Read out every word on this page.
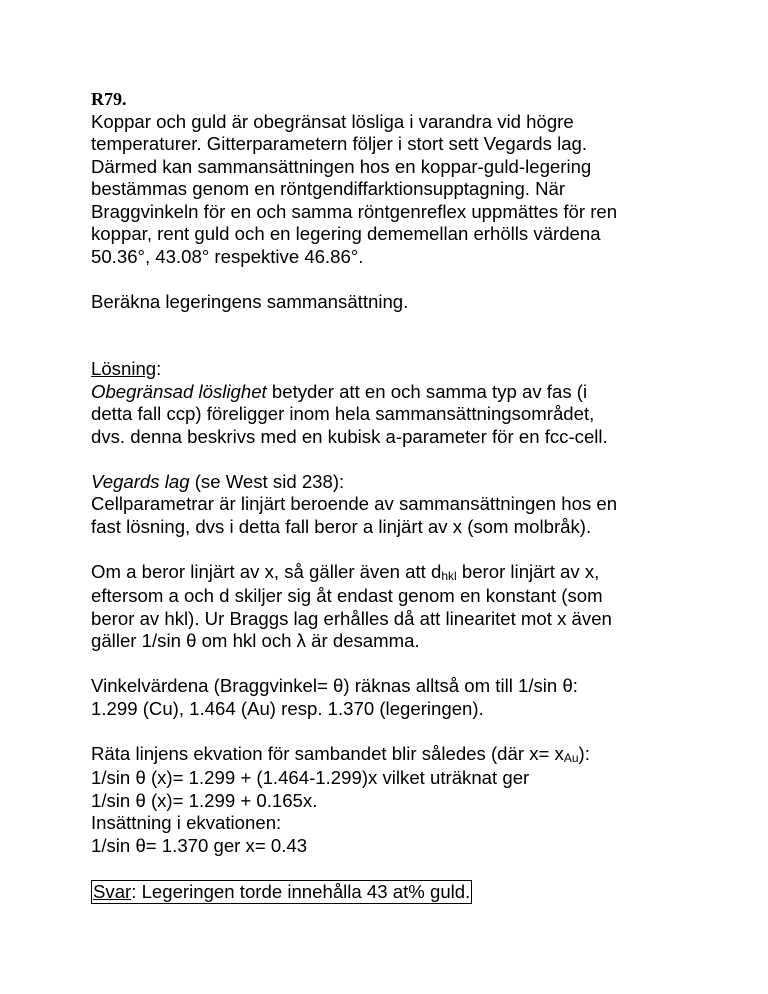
R79.
Koppar och guld är obegränsat lösliga i varandra vid högre
temperaturer. Gitterparametern följer i stort sett Vegards lag.
Därmed kan sammansättningen hos en koppar-guld-legering
bestämmas genom en röntgendiffarktionsupptagning. När
Braggvinkeln för en och samma röntgenreflex uppmättes för ren
koppar, rent guld och en legering dememellan erhölls värdena
50.36°, 43.08° respektive 46.86°.
Beräkna legeringens sammansättning.
Lösning:
Obegränsad löslighet betyder att en och samma typ av fas (i
detta fall ccp) föreligger inom hela sammansättningsområdet,
dvs. denna beskrivs med en kubisk a-parameter för en fcc-cell.
Vegards lag (se West sid 238):
Cellparametrar är linjärt beroende av sammansättningen hos en
fast lösning, dvs i detta fall beror a linjärt av x (som molbråk).
Om a beror linjärt av x, så gäller även att dhkl beror linjärt av x,
eftersom a och d skiljer sig åt endast genom en konstant (som
beror av hkl). Ur Braggs lag erhålles då att linearitet mot x även
gäller 1/sin θ om hkl och λ är desamma.
Vinkelvärdena (Braggvinkel= θ) räknas alltså om till 1/sin θ:
1.299 (Cu), 1.464 (Au) resp. 1.370 (legeringen).
Räta linjens ekvation för sambandet blir således (där x= xAu):
1/sin θ (x)= 1.299 + (1.464-1.299)x vilket uträknat ger
1/sin θ (x)= 1.299 + 0.165x.
Insättning i ekvationen:
1/sin θ= 1.370 ger x= 0.43
Svar: Legeringen torde innehålla 43 at% guld.
